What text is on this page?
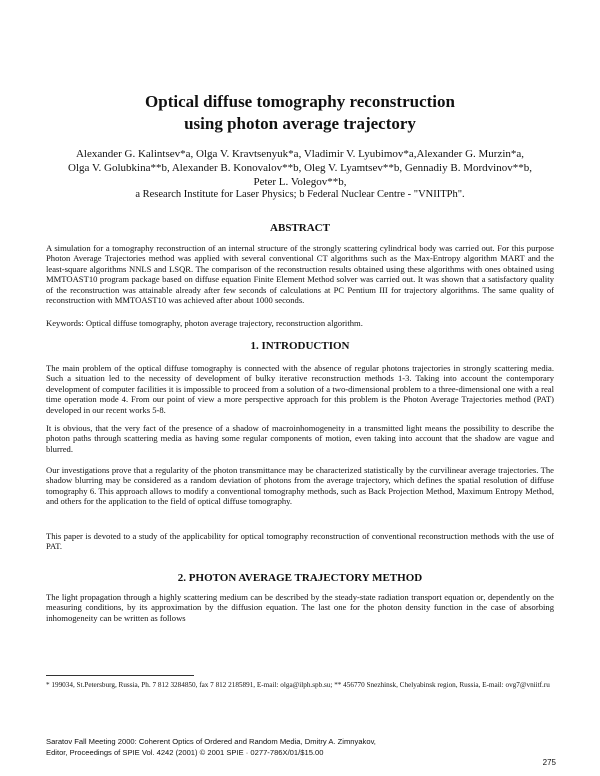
Optical diffuse tomography reconstruction
using photon average trajectory
Alexander G. Kalintsev*a, Olga V. Kravtsenyuk*a, Vladimir V. Lyubimov*a,Alexander G. Murzin*a,
Olga V. Golubkina**b, Alexander B. Konovalov**b, Oleg V. Lyamtsev**b, Gennadiy B. Mordvinov**b,
Peter L. Volegov**b,
a Research Institute for Laser Physics; b Federal Nuclear Centre - "VNIITPh".
ABSTRACT

A simulation for a tomography reconstruction of an internal structure of the strongly scattering cylindrical body was carried out. For this purpose Photon Average Trajectories method was applied with several conventional CT algorithms such as the Max-Entropy algorithm MART and the least-square algorithms NNLS and LSQR. The comparison of the reconstruction results obtained using these algorithms with ones obtained using MMTOAST10 program package based on diffuse equation Finite Element Method solver was carried out. It was shown that a satisfactory quality of the reconstruction was attainable already after few seconds of calculations at PC Pentium III for trajectory algorithms. The same quality of reconstruction with MMTOAST10 was achieved after about 1000 seconds.

Keywords: Optical diffuse tomography, photon average trajectory, reconstruction algorithm.

1. INTRODUCTION

The main problem of the optical diffuse tomography is connected with the absence of regular photons trajectories in strongly scattering media. Such a situation led to the necessity of development of bulky iterative reconstruction methods 1-3. Taking into account the contemporary development of computer facilities it is impossible to proceed from a solution of a two-dimensional problem to a three-dimensional one with a real time operation mode 4. From our point of view a more perspective approach for this problem is the Photon Average Trajectories method (PAT) developed in our recent works 5-8.

It is obvious, that the very fact of the presence of a shadow of macroinhomogeneity in a transmitted light means the possibility to describe the photon paths through scattering media as having some regular components of motion, even taking into account that the shadow are vague and blurred.

Our investigations prove that a regularity of the photon transmittance may be characterized statistically by the curvilinear average trajectories. The shadow blurring may be considered as a random deviation of photons from the average trajectory, which defines the spatial resolution of diffuse tomography 6. This approach allows to modify a conventional tomography methods, such as Back Projection Method, Maximum Entropy Method, and others for the application to the field of optical diffuse tomography.

This paper is devoted to a study of the applicability for optical tomography reconstruction of conventional reconstruction methods with the use of PAT.

2. PHOTON AVERAGE TRAJECTORY METHOD

The light propagation through a highly scattering medium can be described by the steady-state radiation transport equation or, dependently on the measuring conditions, by its approximation by the diffusion equation. The last one for the photon density function in the case of absorbing inhomogeneity can be written as follows

* 199034, St.Petersburg, Russia, Ph. 7 812 3284850, fax 7 812 2185891, E-mail: olga@ilph.spb.su; ** 456770 Snezhinsk, Chelyabinsk region, Russia, E-mail: ovg7@vniitf.ru

Saratov Fall Meeting 2000: Coherent Optics of Ordered and Random Media, Dmitry A. Zimnyakov,
Editor, Proceedings of SPIE Vol. 4242 (2001) © 2001 SPIE · 0277-786X/01/$15.00
275
